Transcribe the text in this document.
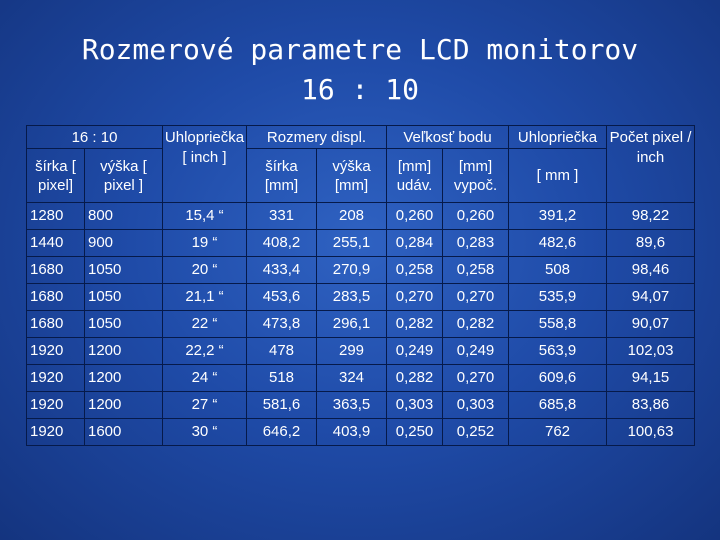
Rozmerové parametre LCD monitorov
16 : 10
16 : 10		Uhlopriečka [ inch ]	Rozmery displ.		Veľkosť bodu		Uhlopriečka	Počet pixel / inch
šírka [ pixel]	výška [ pixel ]		šírka [mm]	výška [mm]	[mm] udáv.	[mm] vypoč.	[ mm ]	
1280	800	15,4 “	331	208	0,260	0,260	391,2	98,22
1440	900	19 “	408,2	255,1	0,284	0,283	482,6	89,6
1680	1050	20 “	433,4	270,9	0,258	0,258	508	98,46
1680	1050	21,1 “	453,6	283,5	0,270	0,270	535,9	94,07
1680	1050	22 “	473,8	296,1	0,282	0,282	558,8	90,07
1920	1200	22,2 “	478	299	0,249	0,249	563,9	102,03
1920	1200	24 “	518	324	0,282	0,270	609,6	94,15
1920	1200	27 “	581,6	363,5	0,303	0,303	685,8	83,86
1920	1600	30 “	646,2	403,9	0,250	0,252	762	100,63
